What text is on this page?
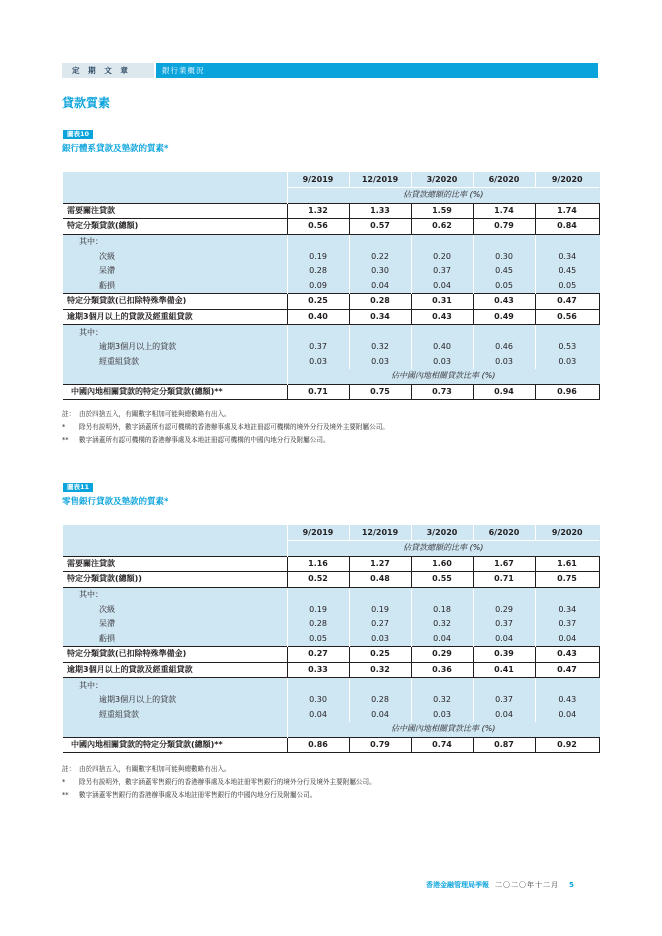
定 期 文 章	銀行業概況
貸款質素
圖表10
銀行體系貸款及墊款的質素*
	9/2019	12/2019	3/2020	6/2020	9/2020
	佔貸款總額的比率 (%)				
需要關注貸款	1.32	1.33	1.59	1.74	1.74
特定分類貸款(總額)	0.56	0.57	0.62	0.79	0.84
其中：					
次級	0.19	0.22	0.20	0.30	0.34
呆滯	0.28	0.30	0.37	0.45	0.45
虧損	0.09	0.04	0.04	0.05	0.05
特定分類貸款(已扣除特殊準備金)	0.25	0.28	0.31	0.43	0.47
逾期3個月以上的貸款及經重組貸款	0.40	0.34	0.43	0.49	0.56
其中：					
逾期3個月以上的貸款	0.37	0.32	0.40	0.46	0.53
經重組貸款	0.03	0.03	0.03	0.03	0.03
	佔中國內地相關貸款比率 (%)				
中國內地相關貸款的特定分類貸款(總額)**	0.71	0.75	0.73	0.94	0.96
註： 由於四捨五入，有關數字相加可能與總數略有出入。
* 除另有説明外，數字涵蓋所有認可機構的香港辦事處及本地註冊認可機構的境外分行及境外主要附屬公司。
** 數字涵蓋所有認可機構的香港辦事處及本地註冊認可機構的中國內地分行及附屬公司。
圖表11
零售銀行貸款及墊款的質素*
	9/2019	12/2019	3/2020	6/2020	9/2020
	佔貸款總額的比率 (%)				
需要關注貸款	1.16	1.27	1.60	1.67	1.61
特定分類貸款(總額))	0.52	0.48	0.55	0.71	0.75
其中：					
次級	0.19	0.19	0.18	0.29	0.34
呆滯	0.28	0.27	0.32	0.37	0.37
虧損	0.05	0.03	0.04	0.04	0.04
特定分類貸款(已扣除特殊準備金)	0.27	0.25	0.29	0.39	0.43
逾期3個月以上的貸款及經重組貸款	0.33	0.32	0.36	0.41	0.47
其中：					
逾期3個月以上的貸款	0.30	0.28	0.32	0.37	0.43
經重組貸款	0.04	0.04	0.03	0.04	0.04
	佔中國內地相關貸款比率 (%)				
中國內地相關貸款的特定分類貸款(總額)**	0.86	0.79	0.74	0.87	0.92
註： 由於四捨五入，有關數字相加可能與總數略有出入。
* 除另有説明外，數字涵蓋零售銀行的香港辦事處及本地註冊零售銀行的境外分行及境外主要附屬公司。
** 數字涵蓋零售銀行的香港辦事處及本地註冊零售銀行的中國內地分行及附屬公司。
香港金融管理局季報 二〇二〇年十二月 5
